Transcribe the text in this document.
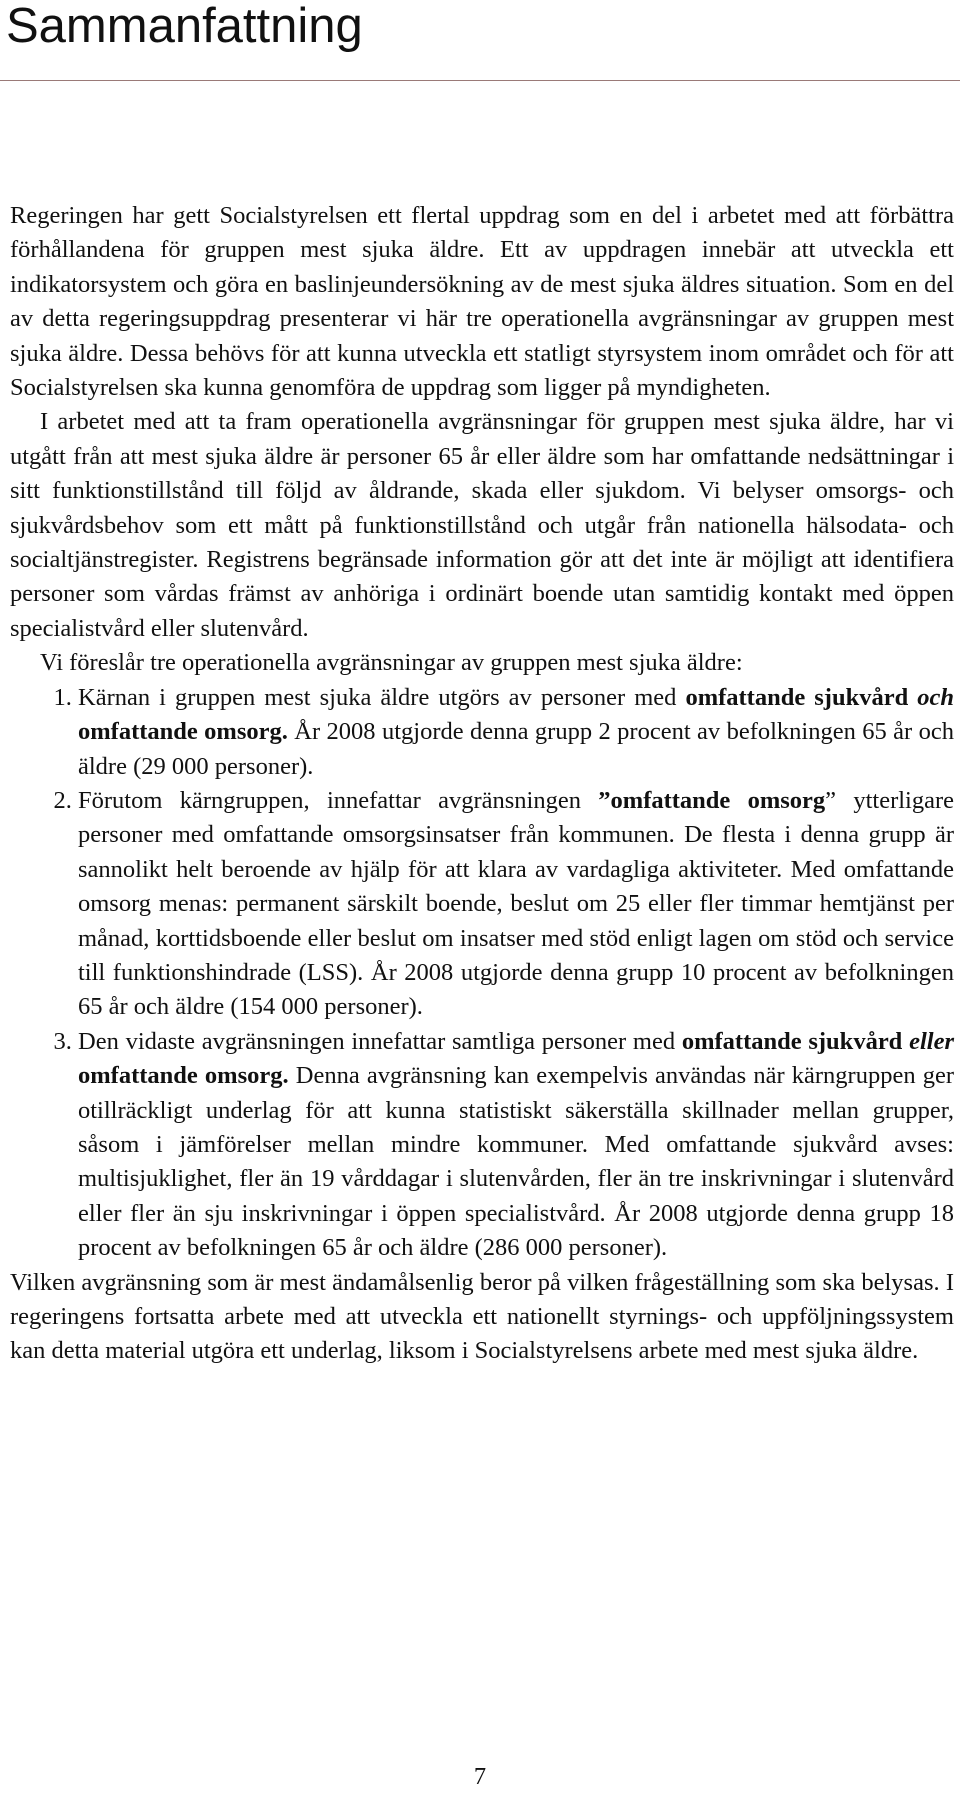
Sammanfattning

Regeringen har gett Socialstyrelsen ett flertal uppdrag som en del i arbetet med att förbättra förhållandena för gruppen mest sjuka äldre. Ett av uppdragen innebär att utveckla ett indikatorsystem och göra en baslinjeundersökning av de mest sjuka äldres situation. Som en del av detta regeringsuppdrag presenterar vi här tre operationella avgränsningar av gruppen mest sjuka äldre. Dessa behövs för att kunna utveckla ett statligt styrsystem inom området och för att Socialstyrelsen ska kunna genomföra de uppdrag som ligger på myndigheten.

I arbetet med att ta fram operationella avgränsningar för gruppen mest sjuka äldre, har vi utgått från att mest sjuka äldre är personer 65 år eller äldre som har omfattande nedsättningar i sitt funktionstillstånd till följd av åldrande, skada eller sjukdom. Vi belyser omsorgs- och sjukvårdsbehov som ett mått på funktionstillstånd och utgår från nationella hälsodata- och socialtjänstregister. Registrens begränsade information gör att det inte är möjligt att identifiera personer som vårdas främst av anhöriga i ordinärt boende utan samtidig kontakt med öppen specialistvård eller slutenvård.

Vi föreslår tre operationella avgränsningar av gruppen mest sjuka äldre:

1. Kärnan i gruppen mest sjuka äldre utgörs av personer med omfattande sjukvård och omfattande omsorg. År 2008 utgjorde denna grupp 2 procent av befolkningen 65 år och äldre (29 000 personer).
2. Förutom kärngruppen, innefattar avgränsningen ”omfattande omsorg” ytterligare personer med omfattande omsorgsinsatser från kommunen. De flesta i denna grupp är sannolikt helt beroende av hjälp för att klara av vardagliga aktiviteter. Med omfattande omsorg menas: permanent särskilt boende, beslut om 25 eller fler timmar hemtjänst per månad, korttidsboende eller beslut om insatser med stöd enligt lagen om stöd och service till funktionshindrade (LSS). År 2008 utgjorde denna grupp 10 procent av befolkningen 65 år och äldre (154 000 personer).
3. Den vidaste avgränsningen innefattar samtliga personer med omfattande sjukvård eller omfattande omsorg. Denna avgränsning kan exempelvis användas när kärngruppen ger otillräckligt underlag för att kunna statistiskt säkerställa skillnader mellan grupper, såsom i jämförelser mellan mindre kommuner. Med omfattande sjukvård avses: multisjuklighet, fler än 19 vårddagar i slutenvården, fler än tre inskrivningar i slutenvård eller fler än sju inskrivningar i öppen specialistvård. År 2008 utgjorde denna grupp 18 procent av befolkningen 65 år och äldre (286 000 personer).

Vilken avgränsning som är mest ändamålsenlig beror på vilken frågeställning som ska belysas. I regeringens fortsatta arbete med att utveckla ett nationellt styrnings- och uppföljningssystem kan detta material utgöra ett underlag, liksom i Socialstyrelsens arbete med mest sjuka äldre.

7
